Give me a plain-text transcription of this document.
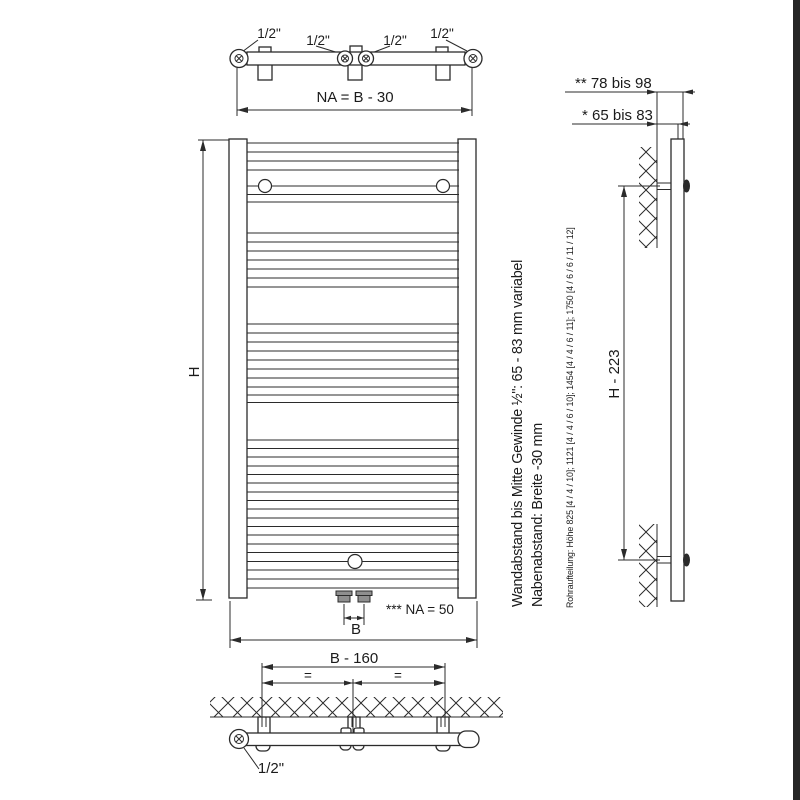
1/2" 1/2"	1/2" 1/2"
NA = B - 30
H
*** NA = 50
B
** 78 bis 98
* 65 bis 83
H - 223
B - 160
=	=
1/2"
Wandabstand bis Mitte Gewinde ½": 65 - 83 mm variabel Nabenabstand: Breite -30 mm Rohraufteilung: Höhe 825 [4 / 4 / 10]; 1121 [4 / 4 / 6 / 10]; 1454 [4 / 4 / 6 / 11]; 1750 [4 / 6 / 6 / 11 / 12]
